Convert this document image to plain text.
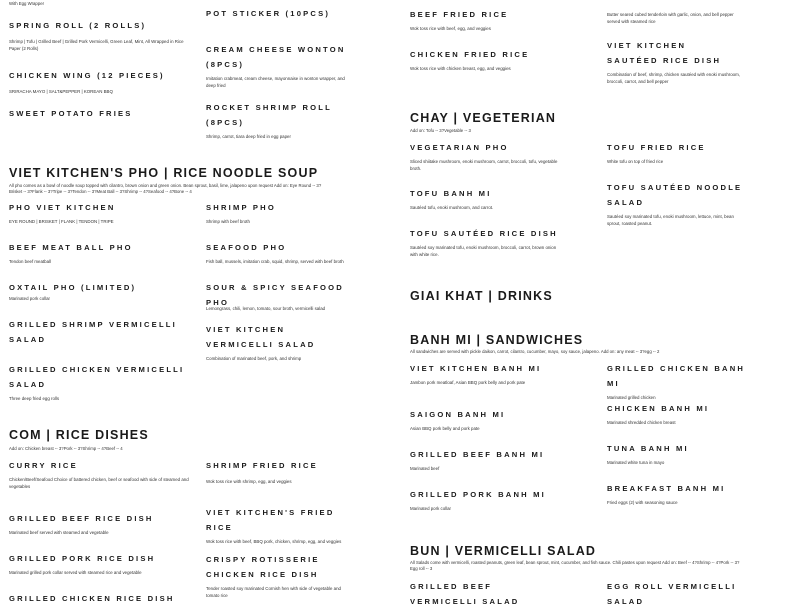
With Egg Wrapper
SPRING ROLL (2 ROLLS)
Shrimp | Tofu | Grilled Beef | Grilled Pork Vermicelli, Green Leaf, Mint, All Wrapped in Rice Paper (2 Rolls)
CHICKEN WING (12 PIECES)
SRIRACHA MAYO | SALT&PEPPER | KOREAN BBQ
SWEET POTATO FRIES
POT STICKER (10PCS)
CREAM CHEESE WONTON (8PCS)
Imitation crabmeat, cream cheese, mayonnaise in wonton wrapper, and deep fried
ROCKET SHRIMP ROLL (8PCS)
Shrimp, carrot, tiara deep fried in egg paper
VIET KITCHEN'S PHO | RICE NOODLE SOUP
All pho comes as a bowl of noodle soup topped with cilantro, brown onion and green onion. Bean sprout, basil, lime, jalapeno upon request Add on: Eye Round -- 3? Brisket -- 3?Flank -- 3?Tripe -- 3?Tendon -- 3?Meat Ball -- 3?Shrimp -- 4?Seafood -- 4?Bone -- 4
PHO VIET KITCHEN
EYE ROUND | BRISKET | FLANK | TENDON | TRIPE
BEEF MEAT BALL PHO
Tendon beef meatball
OXTAIL PHO (LIMITED)
Marinated pork collar
GRILLED SHRIMP VERMICELLI SALAD
GRILLED CHICKEN VERMICELLI SALAD
Three deep fried egg rolls
SHRIMP PHO
Shrimp with beef broth
SEAFOOD PHO
Fish ball, mussels, imitation crab, squid, shrimp, served with beef broth
SOUR & SPICY SEAFOOD PHO
Lemongrass, chili, lemon, tomato, sour broth, vermicelli salad
VIET KITCHEN VERMICELLI SALAD
Combination of marinated beef, pork, and shrimp
COM | RICE DISHES
Add on: Chicken breast -- 3?Pork -- 3?Shrimp -- 4?Beef -- 4
CURRY RICE
Chicken/Beef/Seafood Choice of battered chicken, beef or seafood with side of steamed and vegetables
GRILLED BEEF RICE DISH
Marinated beef served with steamed and vegetable
GRILLED PORK RICE DISH
Marinated grilled pork collar served with steamed rice and vegetable
GRILLED CHICKEN RICE DISH
SHRIMP FRIED RICE
Wok toss rice with shrimp, egg, and veggies
VIET KITCHEN'S FRIED RICE
Wok toss rice with beef, BBQ pork, chicken, shrimp, egg, and veggies
CRISPY ROTISSERIE CHICKEN RICE DISH
Tender roasted soy marinated Cornish hen with side of vegetable and tomato rice
BEEF FRIED RICE
Wok toss rice with beef, egg, and veggies
CHICKEN FRIED RICE
Wok toss rice with chicken breast, egg, and veggies
Butter seared cubed tenderloin with garlic, onion, and bell pepper served with steamed rice
VIET KITCHEN SAUTÉED RICE DISH
Combination of beef, shrimp, chicken sautéed with enoki mushroom, broccoli, carrot, and bell pepper
CHAY | VEGETERIAN
Add on: Tofu -- 3?Vegetable -- 3
VEGETARIAN PHO
Sliced shiitake mushroom, enoki mushroom, carrot, broccoli, tofu, vegetable broth.
TOFU BANH MI
Sautéed tofu, enoki mushroom, and carrot.
TOFU SAUTÉED RICE DISH
Sautéed soy marinated tofu, enoki mushroom, broccoli, carrot, brown onion with white rice.
TOFU FRIED RICE
White tofu on top of fried rice
TOFU SAUTÉED NOODLE SALAD
Sautéed soy marinated tofu, enoki mushroom, lettuce, mint, bean sprout, roasted peanut.
GIAI KHAT | DRINKS
BANH MI | SANDWICHES
All sandwiches are served with pickle daikon, carrot, cilantro, cucumber, mayo, soy sauce, jalapeno. Add on: any meat -- 3?egg -- 2
VIET KITCHEN BANH MI
Jambon pork meatloaf, Asian BBQ pork belly and pork pate
SAIGON BANH MI
Asian BBQ pork belly and pork pate
GRILLED BEEF BANH MI
Marinated beef
GRILLED PORK BANH MI
Marinated pork collar
GRILLED CHICKEN BANH MI
Marinated grilled chicken
CHICKEN BANH MI
Marinated shredded chicken breast
TUNA BANH MI
Marinated white tuna in mayo
BREAKFAST BANH MI
Fried eggs (2) with seasoning sauce
BUN | VERMICELLI SALAD
All Salads come with vermicelli, roasted peanuts, green leaf, bean sprout, mint, cucumber, and fish sauce. Chili pastes upon request Add on: Beef -- 4?Shrimp -- 4?Pork -- 3?Egg roll -- 3
GRILLED BEEF VERMICELLI SALAD
EGG ROLL VERMICELLI SALAD
